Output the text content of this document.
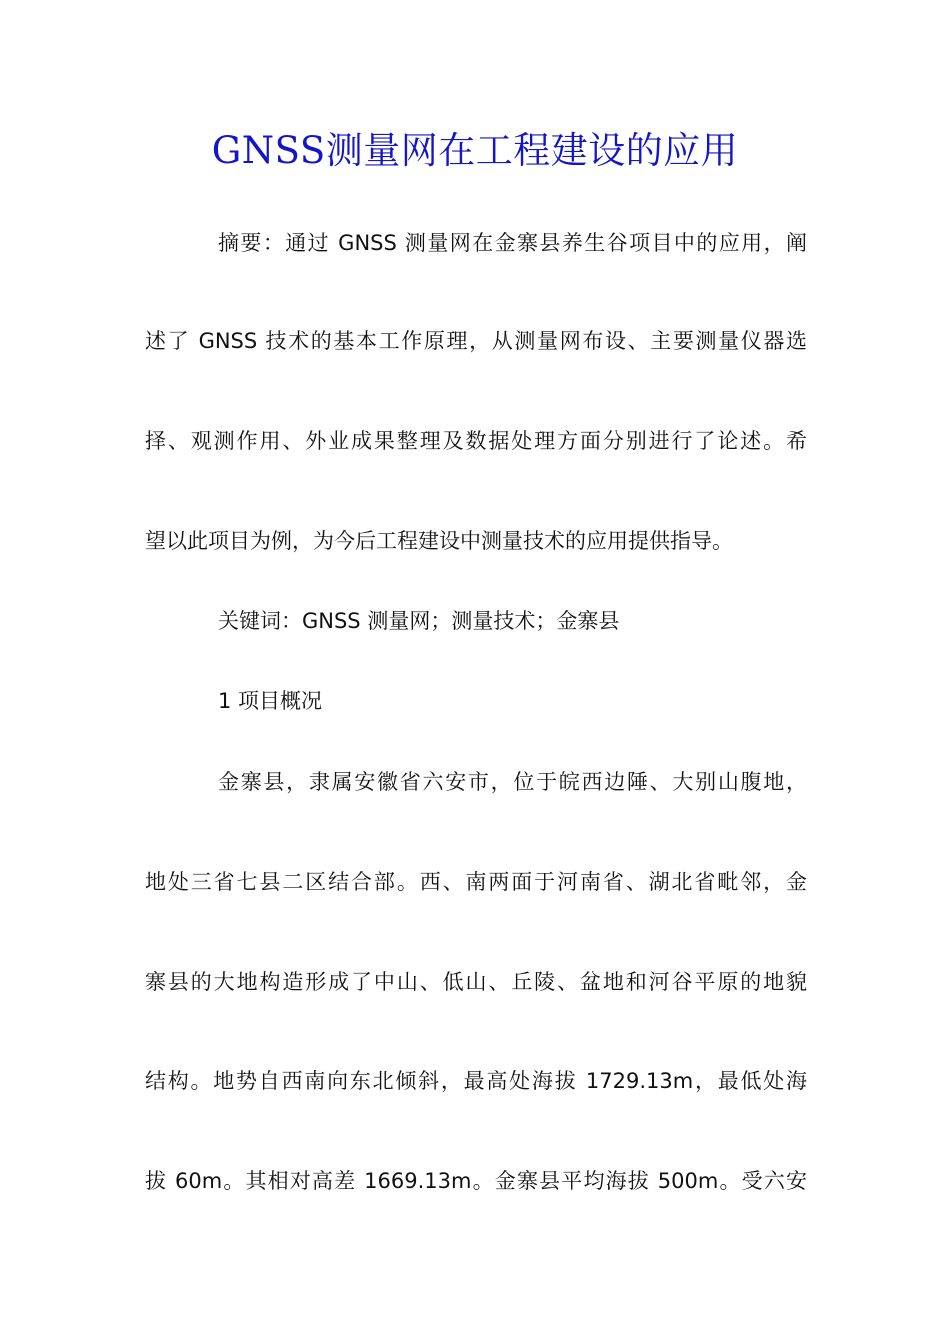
GNSS测量网在工程建设的应用
摘要：通过 GNSS 测量网在金寨县养生谷项目中的应用，阐
述了 GNSS 技术的基本工作原理，从测量网布设、主要测量仪器选
择、观测作用、外业成果整理及数据处理方面分别进行了论述。希
望以此项目为例，为今后工程建设中测量技术的应用提供指导。
关键词：GNSS 测量网；测量技术；金寨县
1 项目概况
金寨县，隶属安徽省六安市，位于皖西边陲、大别山腹地，
地处三省七县二区结合部。西、南两面于河南省、湖北省毗邻，金
寨县的大地构造形成了中山、低山、丘陵、盆地和河谷平原的地貌
结构。地势自西南向东北倾斜，最高处海拔 1729.13m，最低处海
拔 60m。其相对高差 1669.13m。金寨县平均海拔 500m。受六安
